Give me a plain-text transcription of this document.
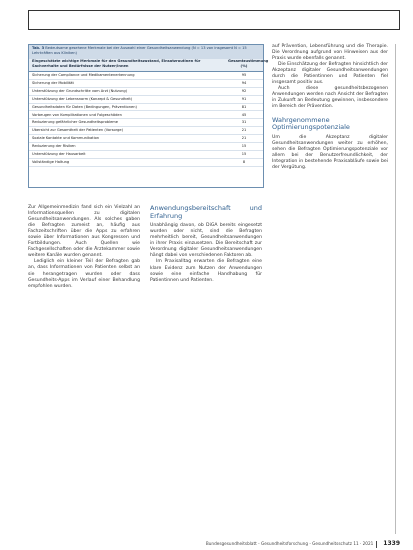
Tab. 3 Bedeutsame gesehene Merkmale bei der Auswahl einer Gesundheitsanwendung (N = 13 von insgesamt N = 15 Lehrkräften aus Kliniken)
Eingeschätzte wichtige Merkmale für den Gesundheitszustand, Einsatzroutinen für Sachverhalte und Bedürfnisse der Nutzer/innen
Gesamtzustimmung (%)
Sicherung der Compliance und Medikamentenerkennung	95
Sicherung der Mobilität	94
Unterstützung der Grundschritte vom Arzt (Nutzung)	92
Unterstützung der Lebensnorm (Konzept & Gesundheit)	91
Gesundheitsdaten für Daten (Bedingungen, Präventionen)	81
Vorbeugen von Komplikationen und Folgeschäden	45
Reduzierung gefährlicher Gesundheitsprobleme	31
Übersicht zur Gesamtheit der Patienten (Vorsorge)	21
Soziale Kontakte und Kommunikation	21
Reduzierung der Risiken	15
Unterstützung der Hausarbeit	15
Vollständige Haltung	8

Zur Allgemeinmedizin fand sich ein Vielzahl an Informationsquellen zu digitalen Gesundheitsanwendungen. Als solches gaben die Befragten zumeist an, häufig aus Fachzeitschriften über die Apps zu erfahren sowie über Informationen aus Kongressen und Fortbildungen. Auch Quellen wie Fachgesellschaften oder die Ärztekammer sowie weitere Kanäle wurden genannt.

Lediglich ein kleiner Teil der Befragten gab an, dass Informationen von Patienten selbst an sie herangetragen wurden oder dass Gesundheits-Apps im Verlauf einer Behandlung empfohlen wurden.

Anwendungsbereitschaft und Erfahrung

Unabhängig davon, ob DiGA bereits eingesetzt wurden oder nicht, sind die Befragten mehrheitlich bereit, Gesundheitsanwendungen in ihrer Praxis einzusetzen. Die Bereitschaft zur Verordnung digitaler Gesundheitsanwendungen hängt dabei von verschiedenen Faktoren ab.

Im Praxisalltag erwarten die Befragten eine klare Evidenz zum Nutzen der Anwendungen sowie eine einfache Handhabung für Patientinnen und Patienten.

auf Prävention, Lebensführung und die Therapie. Die Verordnung aufgrund von Hinweisen aus der Praxis wurde ebenfalls genannt.

Die Einschätzung der Befragten hinsichtlich der Akzeptanz digitaler Gesundheitsanwendungen durch die Patientinnen und Patienten fiel insgesamt positiv aus.

Auch diese gesundheitsbezogenen Anwendungen werden nach Ansicht der Befragten in Zukunft an Bedeutung gewinnen, insbesondere im Bereich der Prävention.

Wahrgenommene Optimierungspotenziale

Um die Akzeptanz digitaler Gesundheitsanwendungen weiter zu erhöhen, sehen die Befragten Optimierungspotenziale vor allem bei der Benutzerfreundlichkeit, der Integration in bestehende Praxisabläufe sowie bei der Vergütung.

Bundesgesundheitsblatt - Gesundheitsforschung - Gesundheitsschutz 11 · 2021 1339
